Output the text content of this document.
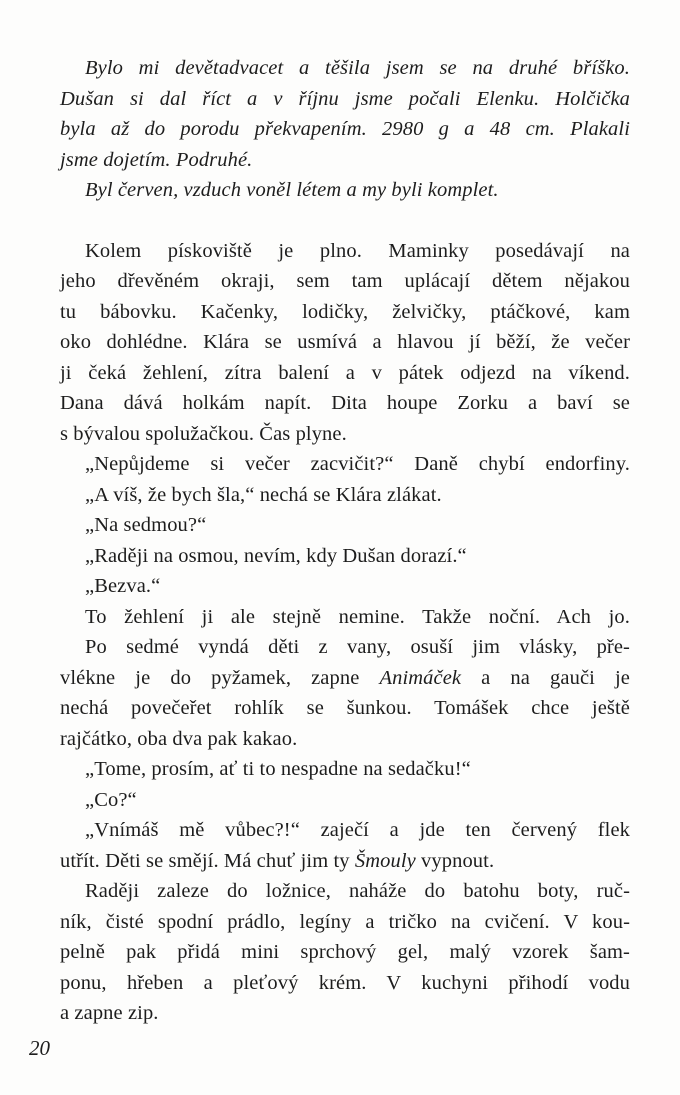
Bylo mi devětadvacet a těšila jsem se na druhé bříško.
Dušan si dal říct a v říjnu jsme počali Elenku. Holčička
byla až do porodu překvapením. 2980 g a 48 cm. Plakali
jsme dojetím. Podruhé.
Byl červen, vzduch voněl létem a my byli komplet.
Kolem pískoviště je plno. Maminky posedávají na
jeho dřevěném okraji, sem tam uplácají dětem nějakou
tu bábovku. Kačenky, lodičky, želvičky, ptáčkové, kam
oko dohlédne. Klára se usmívá a hlavou jí běží, že večer
ji čeká žehlení, zítra balení a v pátek odjezd na víkend.
Dana dává holkám napít. Dita houpe Zorku a baví se
s bývalou spolužačkou. Čas plyne.
„Nepůjdeme si večer zacvičit?“ Daně chybí endorfiny.
„A víš, že bych šla,“ nechá se Klára zlákat.
„Na sedmou?“
„Raději na osmou, nevím, kdy Dušan dorazí.“
„Bezva.“
To žehlení ji ale stejně nemine. Takže noční. Ach jo.
Po sedmé vyndá děti z vany, osuší jim vlásky, pře-
vlékne je do pyžamek, zapne Animáček a na gauči je
nechá povečeřet rohlík se šunkou. Tomášek chce ještě
rajčátko, oba dva pak kakao.
„Tome, prosím, ať ti to nespadne na sedačku!“
„Co?“
„Vnímáš mě vůbec?!“ zaječí a jde ten červený flek
utřít. Děti se smějí. Má chuť jim ty Šmouly vypnout.
Raději zaleze do ložnice, naháže do batohu boty, ruč-
ník, čisté spodní prádlo, legíny a tričko na cvičení. V kou-
pelně pak přidá mini sprchový gel, malý vzorek šam-
ponu, hřeben a pleťový krém. V kuchyni přihodí vodu
a zapne zip.
20
